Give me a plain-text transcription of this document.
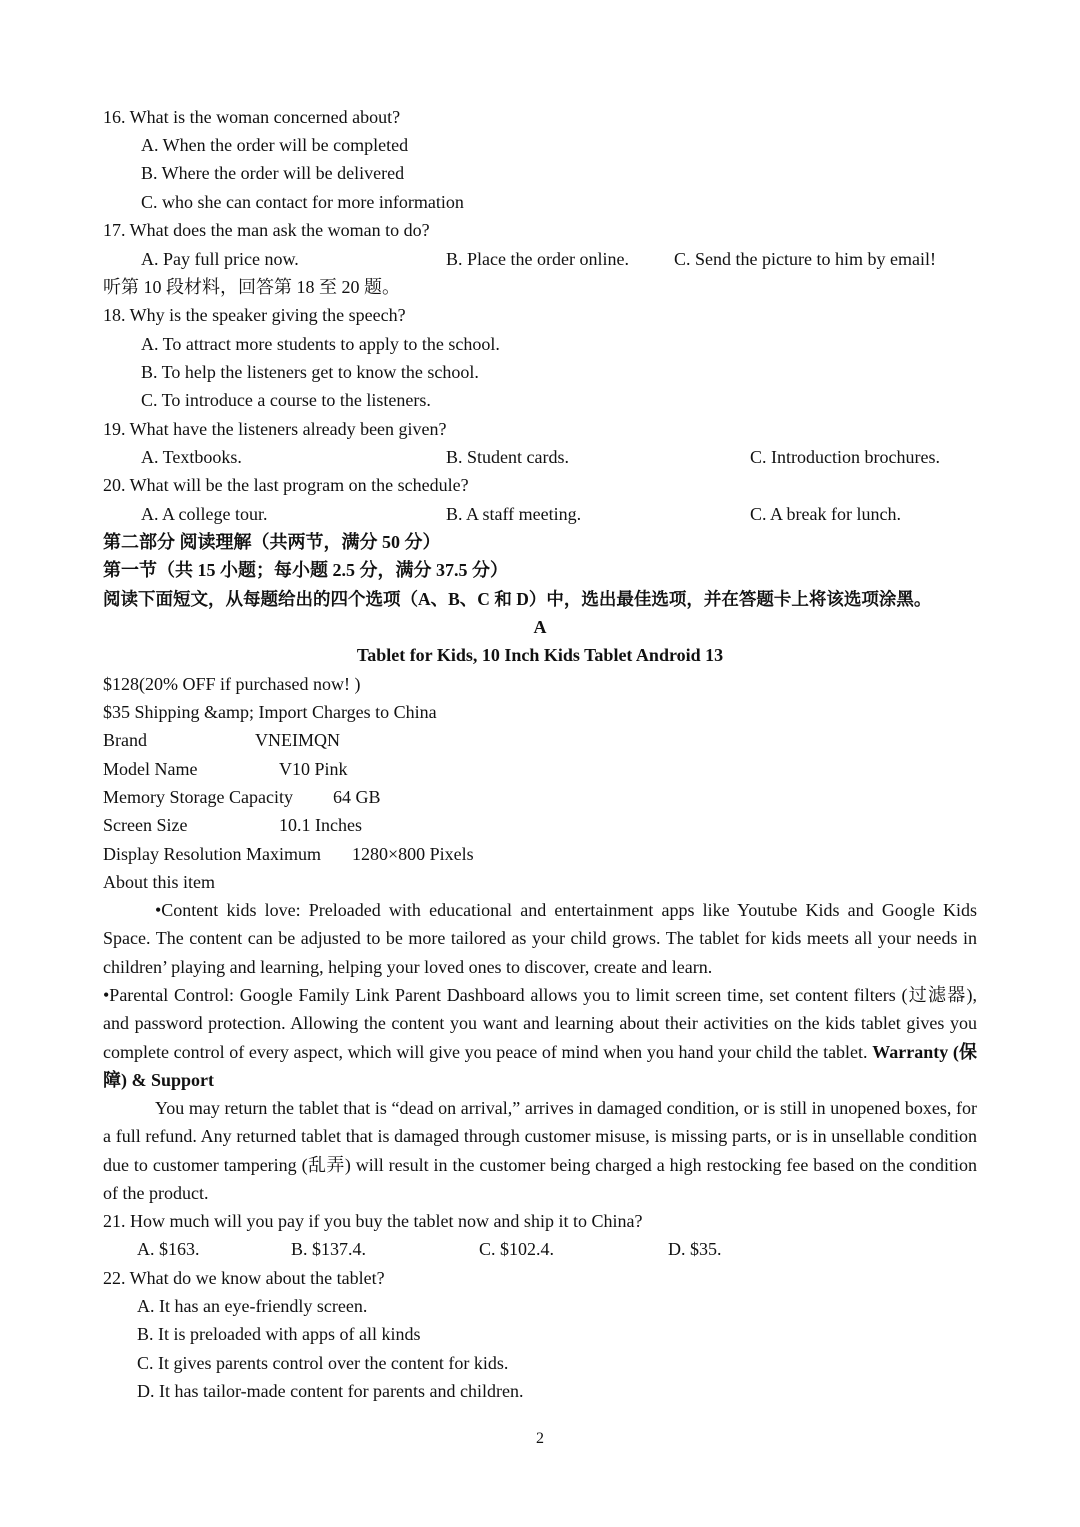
16. What is the woman concerned about?
A. When the order will be completed
B. Where the order will be delivered
C. who she can contact for more information
17. What does the man ask the woman to do?
A. Pay full price now.	B. Place the order online.	C. Send the picture to him by email!
听第 10 段材料，回答第 18 至 20 题。
18. Why is the speaker giving the speech?
A. To attract more students to apply to the school.
B. To help the listeners get to know the school.
C. To introduce a course to the listeners.
19. What have the listeners already been given?
A. Textbooks.	B. Student cards.	C. Introduction brochures.
20. What will be the last program on the schedule?
A. A college tour.	B. A staff meeting.	C. A break for lunch.
第二部分 阅读理解（共两节，满分 50 分）
第一节（共 15 小题；每小题 2.5 分，满分 37.5 分）
阅读下面短文，从每题给出的四个选项（A、B、C 和 D）中，选出最佳选项，并在答题卡上将该选项涂黑。
A
Tablet for Kids, 10 Inch Kids Tablet Android 13
$128(20% OFF if purchased now! )
$35 Shipping &amp; Import Charges to China
Brand	VNEIMQN
Model Name	V10 Pink
Memory Storage Capacity 64 GB
Screen Size	10.1 Inches
Display Resolution Maximum 1280×800 Pixels
About this item

•Content kids love: Preloaded with educational and entertainment apps like Youtube Kids and Google Kids Space. The content can be adjusted to be more tailored as your child grows. The tablet for kids meets all your needs in children’ playing and learning, helping your loved ones to discover, create and learn.

•Parental Control: Google Family Link Parent Dashboard allows you to limit screen time, set content filters (过滤器), and password protection. Allowing the content you want and learning about their activities on the kids tablet gives you complete control of every aspect, which will give you peace of mind when you hand your child the tablet. Warranty (保障) & Support

You may return the tablet that is “dead on arrival,” arrives in damaged condition, or is still in unopened boxes, for a full refund. Any returned tablet that is damaged through customer misuse, is missing parts, or is in unsellable condition due to customer tampering (乱弄) will result in the customer being charged a high restocking fee based on the condition of the product.

21. How much will you pay if you buy the tablet now and ship it to China?
A. $163.	B. $137.4.	C. $102.4.	D. $35.
22. What do we know about the tablet?
A. It has an eye-friendly screen.
B. It is preloaded with apps of all kinds
C. It gives parents control over the content for kids.
D. It has tailor-made content for parents and children.
2
